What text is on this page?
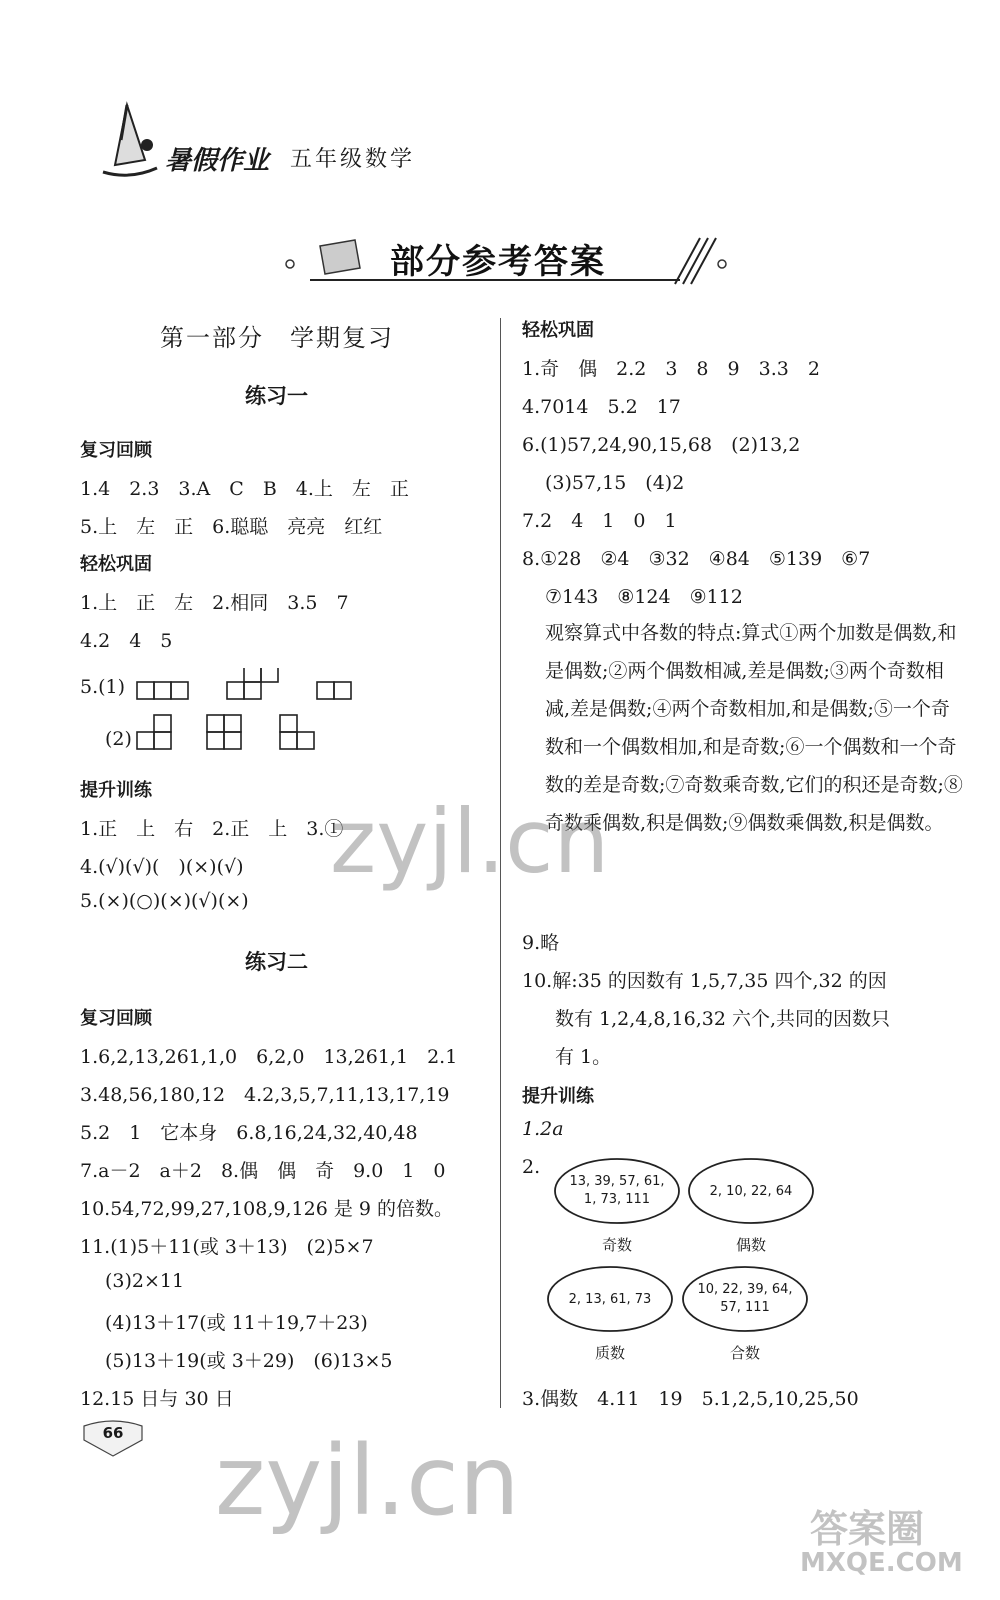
暑假作业 五年级数学
部分参考答案
第一部分　学期复习
练习一
复习回顾
1.4　2.3　3.A　C　B　4.上　左　正
5.上　左　正　6.聪聪　亮亮　红红
轻松巩固
1.上　正　左　2.相同　3.5　7
4.2　4　5
5.(1)
(2)
提升训练
1.正　上　右　2.正　上　3.①
4.(√)(√)(　)(×)(√)
5.(×)(○)(×)(√)(×)
练习二
复习回顾
1.6,2,13,261,1,0　6,2,0　13,261,1　2.1
3.48,56,180,12　4.2,3,5,7,11,13,17,19
5.2　1　它本身　6.8,16,24,32,40,48
7.a－2　a＋2　8.偶　偶　奇　9.0　1　0
10.54,72,99,27,108,9,126 是 9 的倍数。
11.(1)5＋11(或 3＋13)　(2)5×7
(3)2×11
(4)13＋17(或 11＋19,7＋23)
(5)13＋19(或 3＋29)　(6)13×5
12.15 日与 30 日
66
轻松巩固
1.奇　偶　2.2　3　8　9　3.3　2
4.7014　5.2　17
6.(1)57,24,90,15,68　(2)13,2
(3)57,15　(4)2
7.2　4　1　0　1
8.①28　②4　③32　④84　⑤139　⑥7
⑦143　⑧124　⑨112
观察算式中各数的特点:算式①两个加数是偶数,和是偶数;②两个偶数相减,差是偶数;③两个奇数相减,差是偶数;④两个奇数相加,和是偶数;⑤一个奇数和一个偶数相加,和是奇数;⑥一个偶数和一个奇数的差是奇数;⑦奇数乘奇数,它们的积还是奇数;⑧奇数乘偶数,积是偶数;⑨偶数乘偶数,积是偶数。
9.略
10.解:35 的因数有 1,5,7,35 四个,32 的因
数有 1,2,4,8,16,32 六个,共同的因数只
有 1。
提升训练
1.2a
2.
13, 39, 57, 61,
1, 73, 111
奇数
2, 10, 22, 64
偶数
2, 13, 61, 73
质数
10, 22, 39, 64,
57, 111
合数
3.偶数　4.11　19　5.1,2,5,10,25,50
zyjl.cn
zyjl.cn	答案圈
MXQE.COM
